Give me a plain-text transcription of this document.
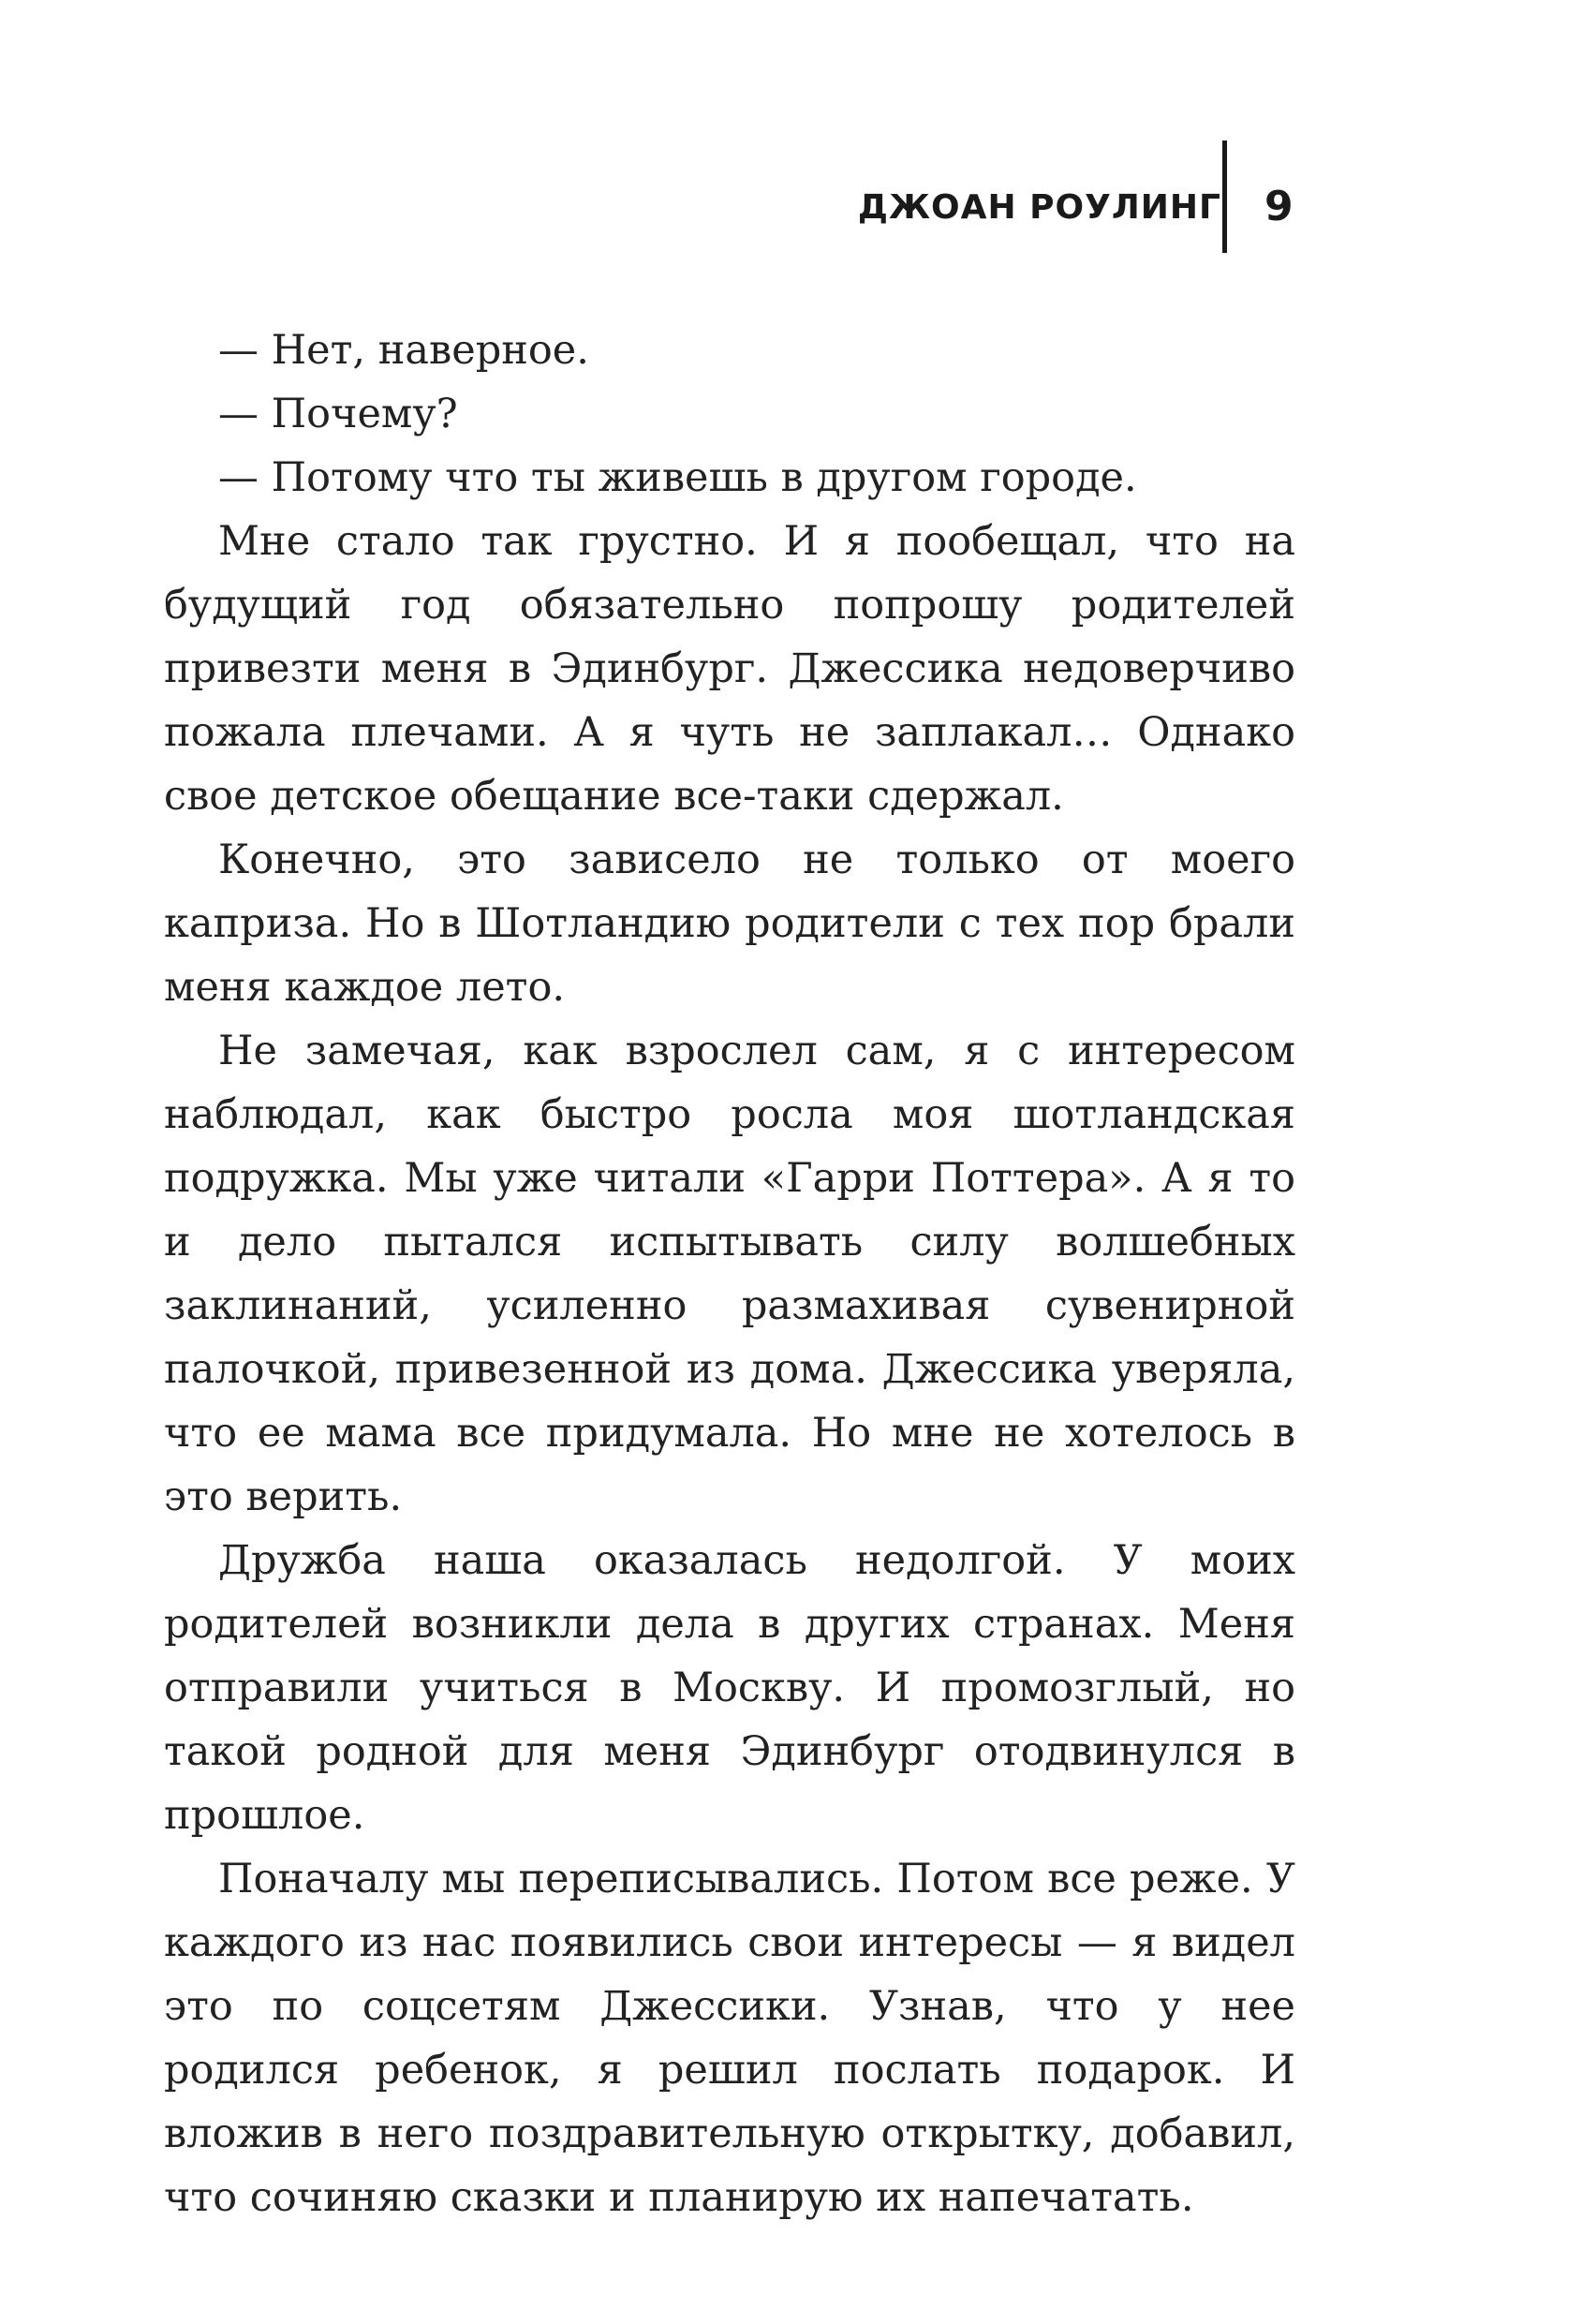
ДЖОАН РОУЛИНГ 9

— Нет, наверное.

— Почему?

— Потому что ты живешь в другом городе.

Мне стало так грустно. И я пообещал, что на будущий год обязательно попрошу родителей привезти меня в Эдинбург. Джессика недоверчиво пожала плечами. А я чуть не заплакал… Однако свое детское обещание все-таки сдержал.

Конечно, это зависело не только от моего каприза. Но в Шотландию родители с тех пор брали меня каждое лето.

Не замечая, как взрослел сам, я с интересом наблюдал, как быстро росла моя шотландская подружка. Мы уже читали «Гарри Поттера». А я то и дело пытался испытывать силу волшебных заклинаний, усиленно размахивая сувенирной палочкой, привезенной из дома. Джессика уверяла, что ее мама все придумала. Но мне не хотелось в это верить.

Дружба наша оказалась недолгой. У моих родителей возникли дела в других странах. Меня отправили учиться в Москву. И промозглый, но такой родной для меня Эдинбург отодвинулся в прошлое.

Поначалу мы переписывались. Потом все реже. У каждого из нас появились свои интересы — я видел это по соцсетям Джессики. Узнав, что у нее родился ребенок, я решил послать подарок. И вложив в него поздравительную открытку, добавил, что сочиняю сказки и планирую их напечатать.
